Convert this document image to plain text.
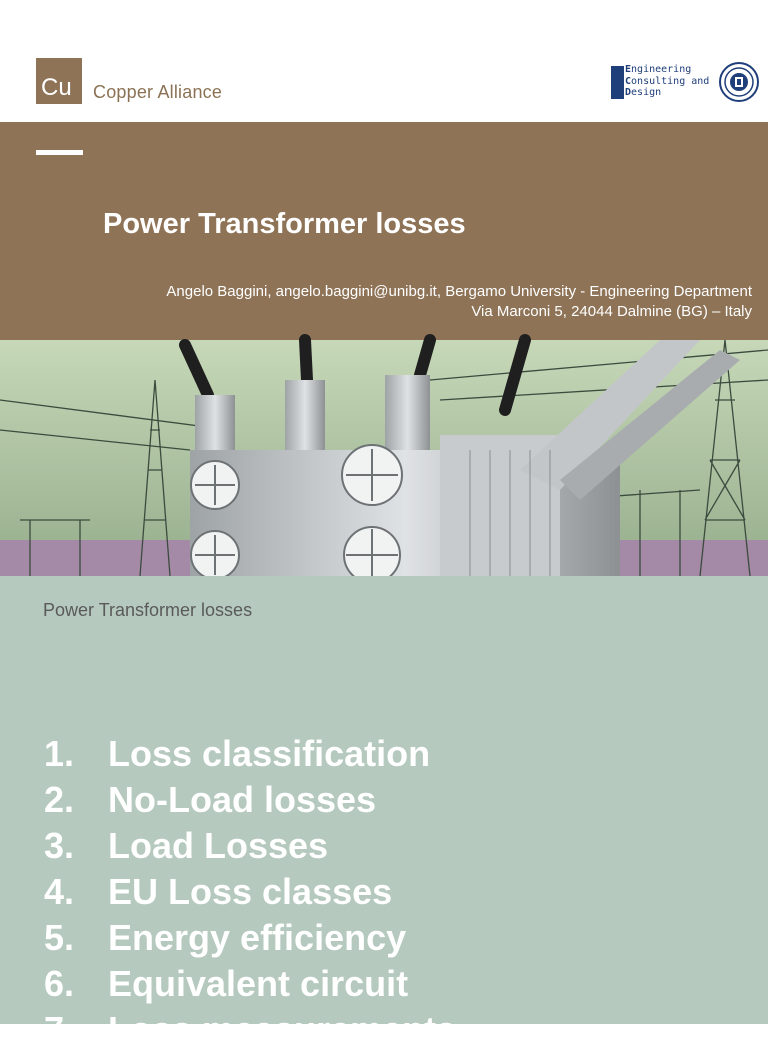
Cu Copper Alliance
Engineering
Consulting and
Design
Power Transformer losses
Angelo Baggini, angelo.baggini@unibg.it, Bergamo University - Engineering Department
Via Marconi 5, 24044 Dalmine (BG) – Italy
Power Transformer losses
1. Loss classification
2. No-Load losses
3. Load Losses
4. EU Loss classes
5. Energy efficiency
6. Equivalent circuit
7. Loss measurements
